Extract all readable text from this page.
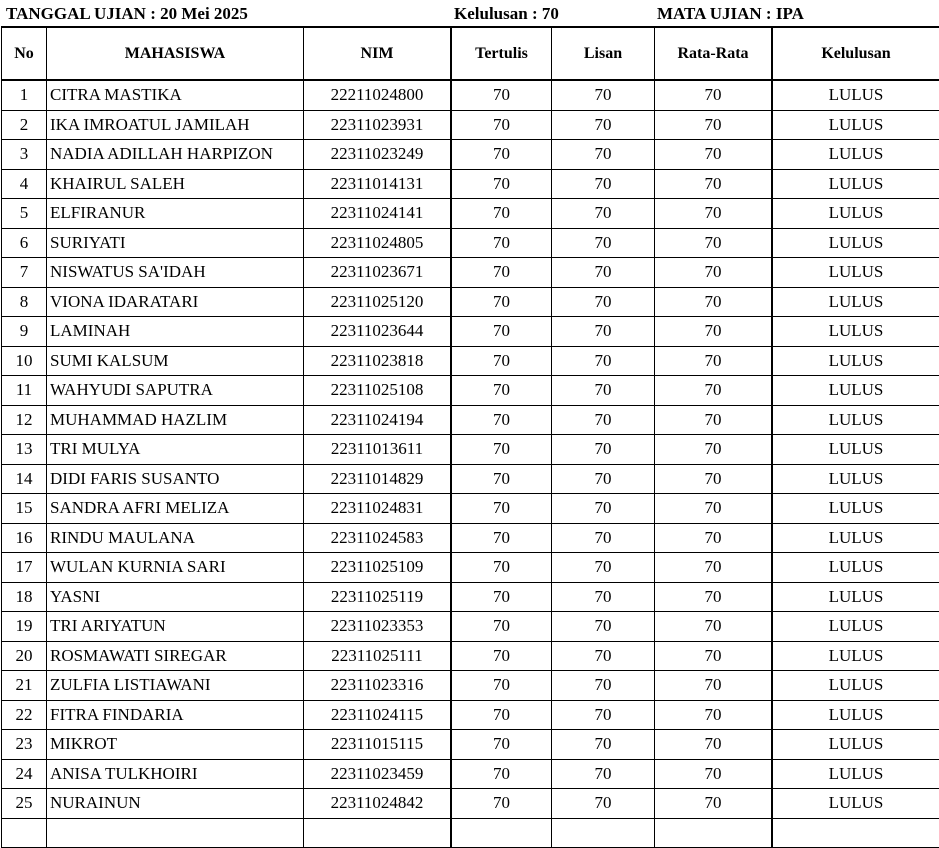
TANGGAL UJIAN : 20 Mei 2025	Kelulusan : 70	MATA UJIAN : IPA
No	MAHASISWA	NIM	Tertulis	Lisan	Rata-Rata	Kelulusan
1	CITRA MASTIKA	22211024800	70	70	70	LULUS
2	IKA IMROATUL JAMILAH	22311023931	70	70	70	LULUS
3	NADIA ADILLAH HARPIZON	22311023249	70	70	70	LULUS
4	KHAIRUL SALEH	22311014131	70	70	70	LULUS
5	ELFIRANUR	22311024141	70	70	70	LULUS
6	SURIYATI	22311024805	70	70	70	LULUS
7	NISWATUS SA'IDAH	22311023671	70	70	70	LULUS
8	VIONA IDARATARI	22311025120	70	70	70	LULUS
9	LAMINAH	22311023644	70	70	70	LULUS
10	SUMI KALSUM	22311023818	70	70	70	LULUS
11	WAHYUDI SAPUTRA	22311025108	70	70	70	LULUS
12	MUHAMMAD HAZLIM	22311024194	70	70	70	LULUS
13	TRI MULYA	22311013611	70	70	70	LULUS
14	DIDI FARIS SUSANTO	22311014829	70	70	70	LULUS
15	SANDRA AFRI MELIZA	22311024831	70	70	70	LULUS
16	RINDU MAULANA	22311024583	70	70	70	LULUS
17	WULAN KURNIA SARI	22311025109	70	70	70	LULUS
18	YASNI	22311025119	70	70	70	LULUS
19	TRI ARIYATUN	22311023353	70	70	70	LULUS
20	ROSMAWATI SIREGAR	22311025111	70	70	70	LULUS
21	ZULFIA LISTIAWANI	22311023316	70	70	70	LULUS
22	FITRA FINDARIA	22311024115	70	70	70	LULUS
23	MIKROT	22311015115	70	70	70	LULUS
24	ANISA TULKHOIRI	22311023459	70	70	70	LULUS
25	NURAINUN	22311024842	70	70	70	LULUS
